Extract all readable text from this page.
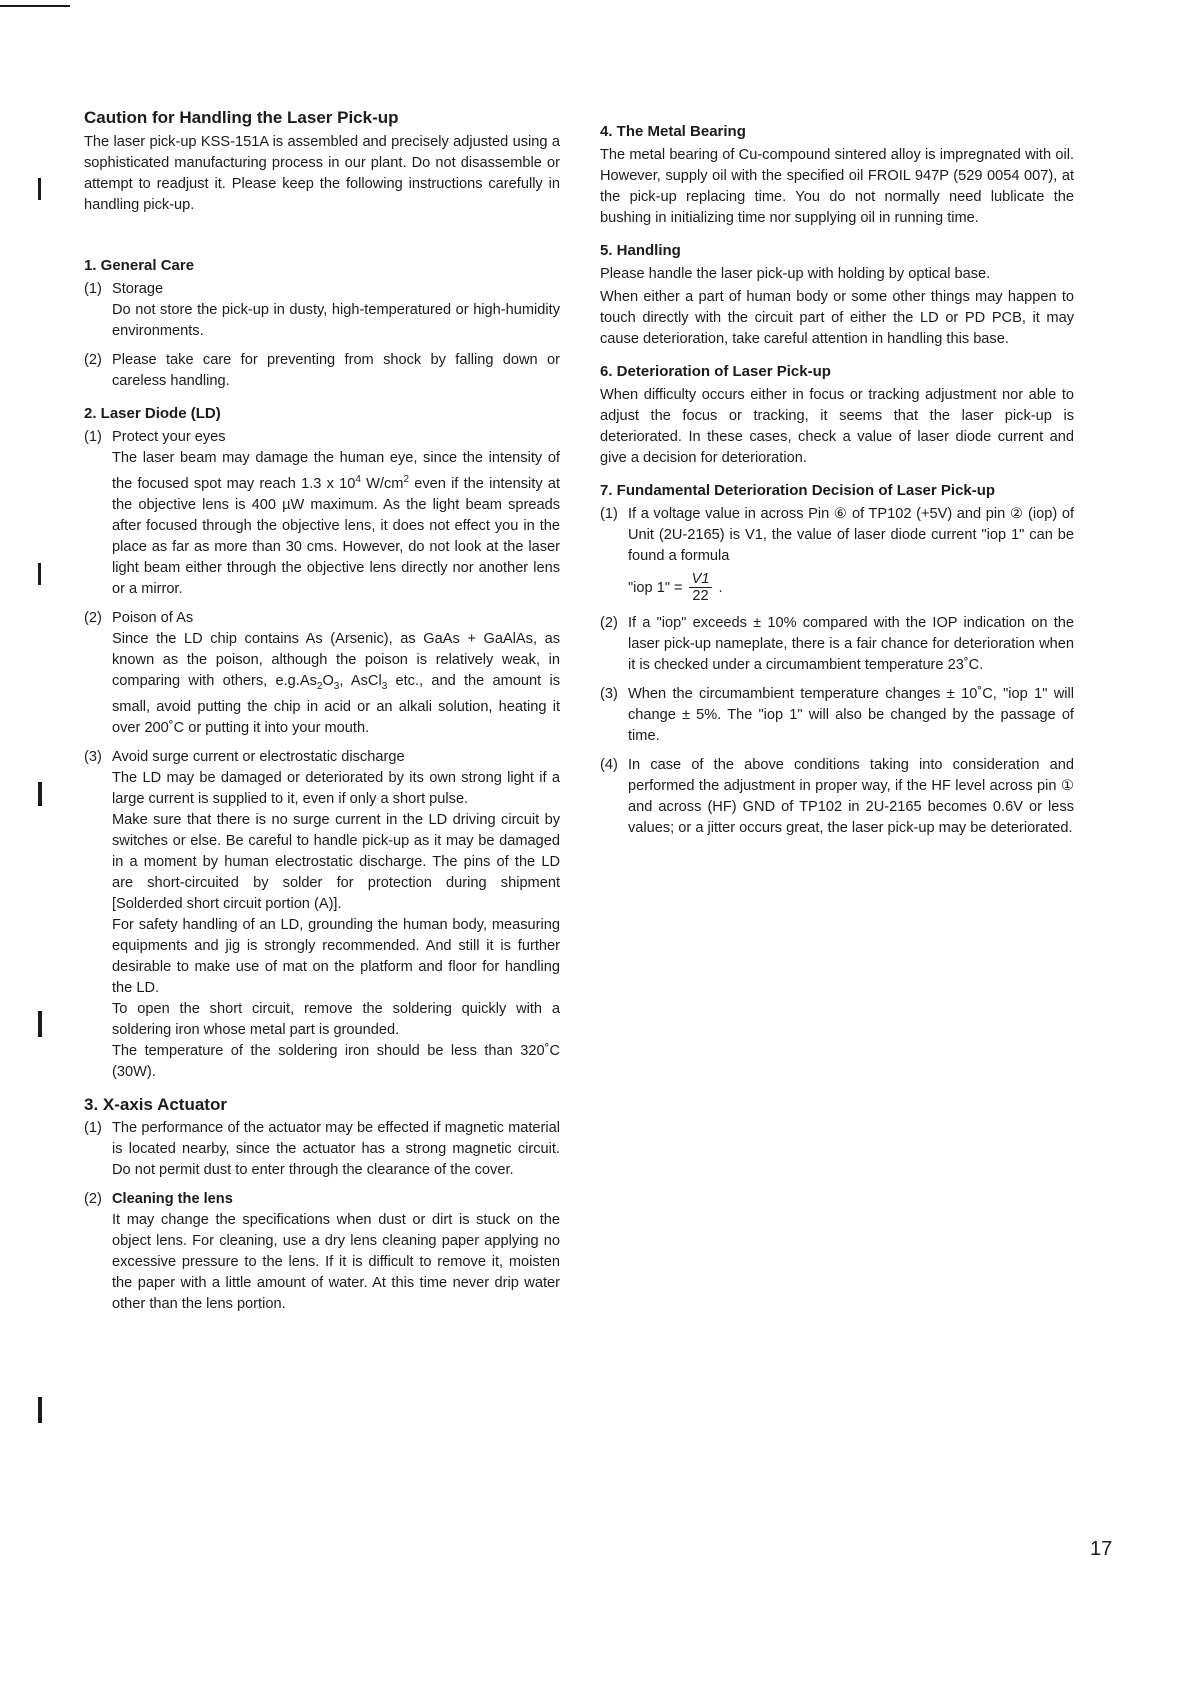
Caution for Handling the Laser Pick-up

The laser pick-up KSS-151A is assembled and precisely adjusted using a sophisticated manufacturing process in our plant. Do not disassemble or attempt to readjust it. Please keep the following instructions carefully in handling pick-up.

1. General Care
(1) Storage

Do not store the pick-up in dusty, high-temperatured or high-humidity environments.

(2) Please take care for preventing from shock by falling down or careless handling.

2. Laser Diode (LD)
(1) Protect your eyes

The laser beam may damage the human eye, since the intensity of the focused spot may reach 1.3 x $10^4$ $W/cm^2$ even if the intensity at the objective lens is 400 µW maximum. As the light beam spreads after focused through the objective lens, it does not effect you in the place as far as more than 30 cms. However, do not look at the laser light beam either through the objective lens directly nor another lens or a mirror.

(2) Poison of As

Since the LD chip contains As (Arsenic), as GaAs + GaAlAs, as known as the poison, although the poison is relatively weak, in comparing with others, $e.g.As_2O_3$, AsCl$_3$ etc., and the amount is small, avoid putting the chip in acid or an alkali solution, heating it over 200˚C or putting it into your mouth.

(3) Avoid surge current or electrostatic discharge

The LD may be damaged or deteriorated by its own strong light if a large current is supplied to it, even if only a short pulse.

Make sure that there is no surge current in the LD driving circuit by switches or else. Be careful to handle pick-up as it may be damaged in a moment by human electrostatic discharge. The pins of the LD are short-circuited by solder for protection during shipment [Solderded short circuit portion (A)].

For safety handling of an LD, grounding the human body, measuring equipments and jig is strongly recommended. And still it is further desirable to make use of mat on the platform and floor for handling the LD.

To open the short circuit, remove the soldering quickly with a soldering iron whose metal part is grounded.

The temperature of the soldering iron should be less than 320˚C (30W).

3. X-axis Actuator
(1) The performance of the actuator may be effected if magnetic material is located nearby, since the actuator has a strong magnetic circuit. Do not permit dust to enter through the clearance of the cover.

(2) Cleaning the lens

It may change the specifications when dust or dirt is stuck on the object lens. For cleaning, use a dry lens cleaning paper applying no excessive pressure to the lens. If it is difficult to remove it, moisten the paper with a little amount of water. At this time never drip water other than the lens portion.

4. The Metal Bearing

The metal bearing of Cu-compound sintered alloy is impregnated with oil. However, supply oil with the specified oil FROIL 947P (529 0054 007), at the pick-up replacing time. You do not normally need lublicate the bushing in initializing time nor supplying oil in running time.

5. Handling

Please handle the laser pick-up with holding by optical base.

When either a part of human body or some other things may happen to touch directly with the circuit part of either the LD or PD PCB, it may cause deterioration, take careful attention in handling this base.

6. Deterioration of Laser Pick-up

When difficulty occurs either in focus or tracking adjustment nor able to adjust the focus or tracking, it seems that the laser pick-up is deteriorated. In these cases, check a value of laser diode current and give a decision for deterioration.

7. Fundamental Deterioration Decision of Laser Pick-up
(1) If a voltage value in across Pin ⑥ of TP102 (+5V) and pin ② (iop) of Unit (2U-2165) is V1, the value of laser diode current "iop 1" can be found a formula

"iop 1" = $\frac{V1}{22}$ .
(2) If a "iop" exceeds ± 10% compared with the IOP indication on the laser pick-up nameplate, there is a fair chance for deterioration when it is checked under a circumambient temperature 23˚C.

(3) When the circumambient temperature changes ± 10˚C, "iop 1" will change ± 5%. The "iop 1" will also be changed by the passage of time.

(4) In case of the above conditions taking into consideration and performed the adjustment in proper way, if the HF level across pin ① and across (HF) GND of TP102 in 2U-2165 becomes 0.6V or less values; or a jitter occurs great, the laser pick-up may be deteriorated.

17
